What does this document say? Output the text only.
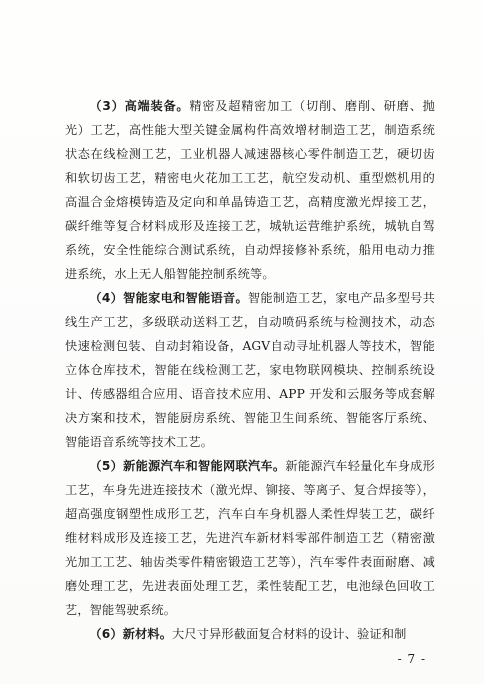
（3）高端装备。精密及超精密加工（切削、磨削、研磨、抛光）工艺，高性能大型关键金属构件高效增材制造工艺，制造系统状态在线检测工艺，工业机器人减速器核心零件制造工艺，硬切齿和软切齿工艺，精密电火花加工工艺，航空发动机、重型燃机用的高温合金熔模铸造及定向和单晶铸造工艺，高精度激光焊接工艺，碳纤维等复合材料成形及连接工艺，城轨运营维护系统，城轨自驾系统，安全性能综合测试系统，自动焊接修补系统，船用电动力推进系统，水上无人船智能控制系统等。

（4）智能家电和智能语音。智能制造工艺，家电产品多型号共线生产工艺，多级联动送料工艺，自动喷码系统与检测技术，动态快速检测包装、自动封箱设备，AGV自动寻址机器人等技术，智能立体仓库技术，智能在线检测工艺，家电物联网模块、控制系统设计、传感器组合应用、语音技术应用、APP 开发和云服务等成套解决方案和技术，智能厨房系统、智能卫生间系统、智能客厅系统、智能语音系统等技术工艺。

（5）新能源汽车和智能网联汽车。新能源汽车轻量化车身成形工艺，车身先进连接技术（激光焊、铆接、等离子、复合焊接等），超高强度钢塑性成形工艺，汽车白车身机器人柔性焊装工艺，碳纤维材料成形及连接工艺，先进汽车新材料零部件制造工艺（精密激光加工工艺、轴齿类零件精密锻造工艺等），汽车零件表面耐磨、减磨处理工艺，先进表面处理工艺，柔性装配工艺，电池绿色回收工艺，智能驾驶系统。

（6）新材料。大尺寸异形截面复合材料的设计、验证和制

- 7 -
